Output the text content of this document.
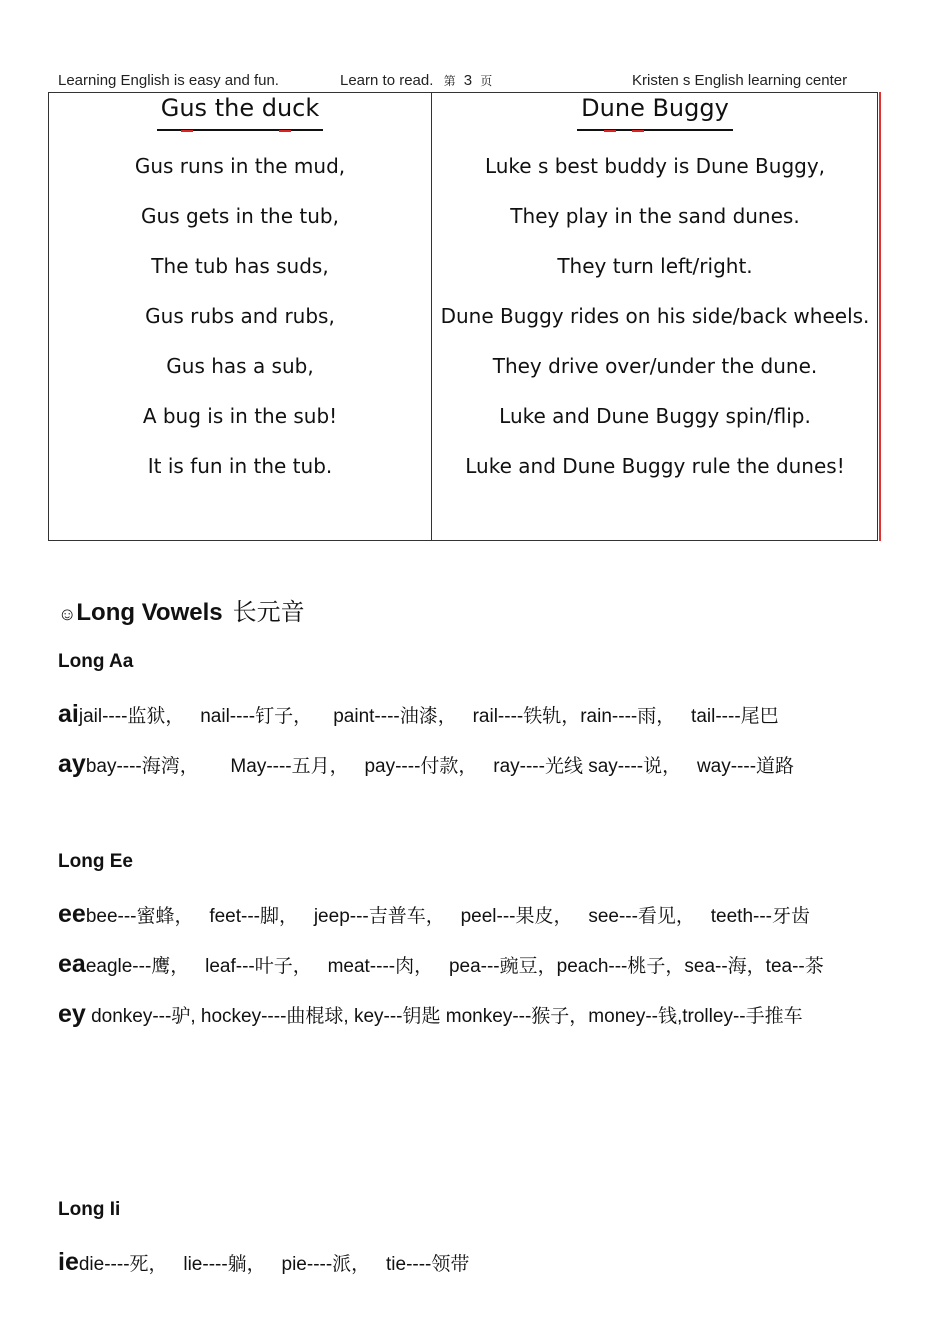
Learning English is easy and fun.	Learn to read. 第 3 页	Kristen s English learning center
Gus the duck
Gus runs in the mud,
Gus gets in the tub,
The tub has suds,
Gus rubs and rubs,
Gus has a sub,
A bug is in the sub!
It is fun in the tub.
Dune Buggy
Luke s best buddy is Dune Buggy,
They play in the sand dunes.
They turn left/right.
Dune Buggy rides on his side/back wheels.
They drive over/under the dune.
Luke and Dune Buggy spin/flip.
Luke and Dune Buggy rule the dunes!
☺Long Vowels 长元音
Long Aa
aijail----监狱，   nail----钉子，    paint----油漆，   rail----铁轨，rain----雨，   tail----尾巴
aybay----海湾，      May----五月，   pay----付款，   ray----光线 say----说，   way----道路
Long Ee
eebee---蜜蜂，   feet---脚，   jeep---吉普车，   peel---果皮，   see---看见，   teeth---牙齿
eaeagle---鹰，   leaf---叶子，   meat----肉，   pea---豌豆，peach---桃子，sea--海，tea--茶
ey donkey---驴, hockey----曲棍球, key---钥匙 monkey---猴子，money--钱,trolley--手推车
Long Ii
iedie----死，   lie----躺，   pie----派，   tie----领带
